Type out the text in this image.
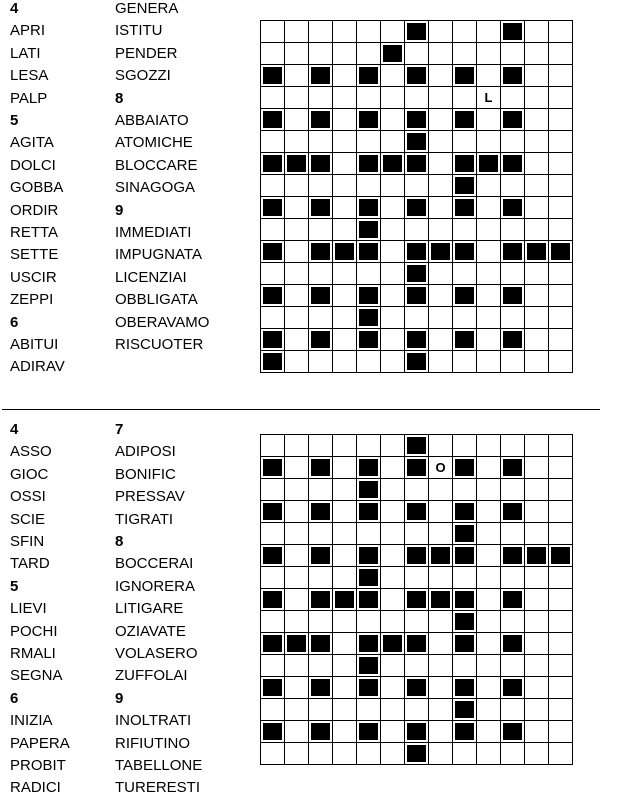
4
APRI
LATI
LESA
PALP
5
AGITA
DOLCI
GOBBA
ORDIR
RETTA
SETTE
USCIR
ZEPPI
6
ABITUI
ADIRAV
GENERA
ISTITU
PENDER
SGOZZI
8
ABBAIATO
ATOMICHE
BLOCCARE
SINAGOGA
9
IMMEDIATI
IMPUGNATA
LICENZIAI
OBBLIGATA
OBERAVAMO
RISCUOTER

									L			

4
ASSO
GIOC
OSSI
SCIE
SFIN
TARD
5
LIEVI
POCHI
RMALI
SEGNA
6
INIZIA
PAPERA
PROBIT
RADICI
7
ADIPOSI
BONIFIC
PRESSAV
TIGRATI
8
BOCCERAI
IGNORERA
LITIGARE
OZIAVATE
VOLASERO
ZUFFOLAI
9
INOLTRATI
RIFIUTINO
TABELLONE
TURERESTI

	O	
